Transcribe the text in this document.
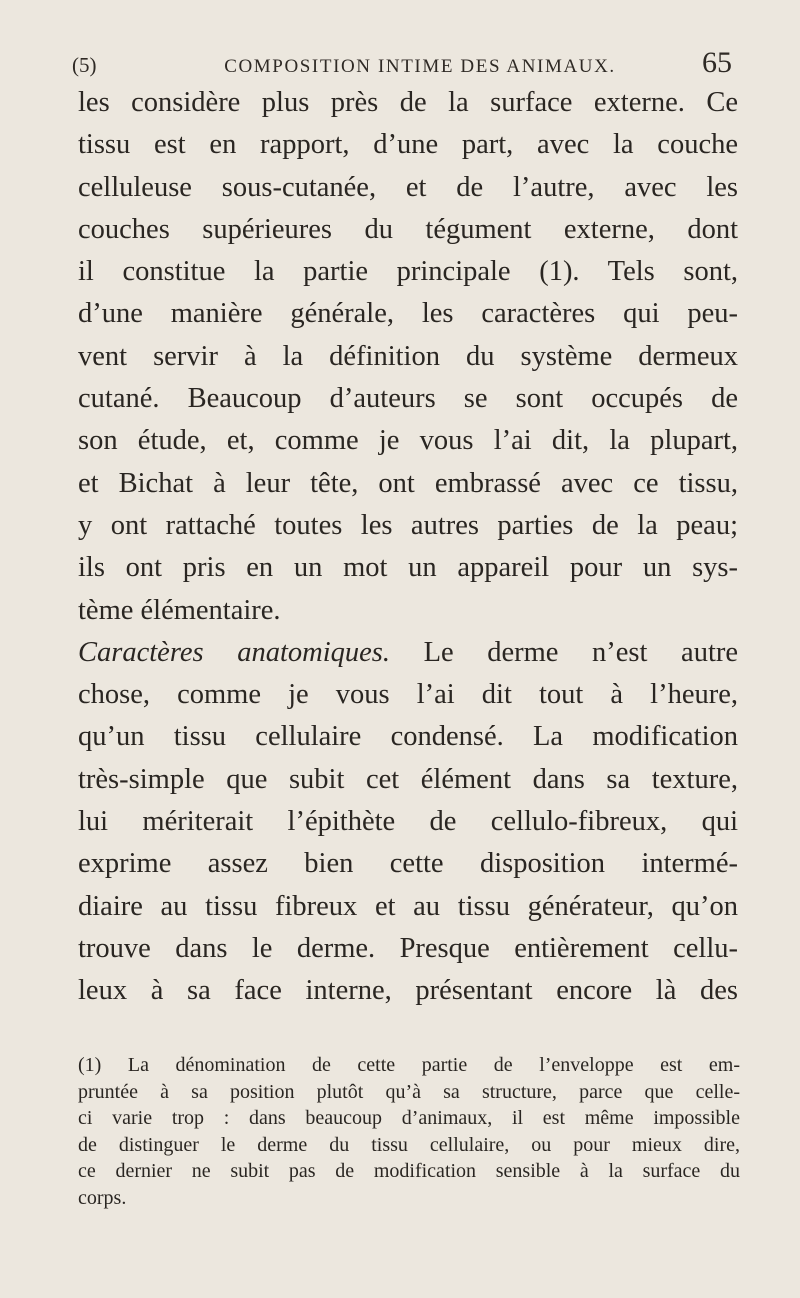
(5)	COMPOSITION INTIME DES ANIMAUX.	65
les considère plus près de la surface externe. Ce
tissu est en rapport, d’une part, avec la couche
celluleuse sous-cutanée, et de l’autre, avec les
couches supérieures du tégument externe, dont
il constitue la partie principale (1). Tels sont,
d’une manière générale, les caractères qui peu-
vent servir à la définition du système dermeux
cutané. Beaucoup d’auteurs se sont occupés de
son étude, et, comme je vous l’ai dit, la plupart,
et Bichat à leur tête, ont embrassé avec ce tissu,
y ont rattaché toutes les autres parties de la peau;
ils ont pris en un mot un appareil pour un sys-
tème élémentaire.
Caractères anatomiques. Le derme n’est autre
chose, comme je vous l’ai dit tout à l’heure,
qu’un tissu cellulaire condensé. La modification
très-simple que subit cet élément dans sa texture,
lui mériterait l’épithète de cellulo-fibreux, qui
exprime assez bien cette disposition intermé-
diaire au tissu fibreux et au tissu générateur, qu’on
trouve dans le derme. Presque entièrement cellu-
leux à sa face interne, présentant encore là des
(1) La dénomination de cette partie de l’enveloppe est em-
pruntée à sa position plutôt qu’à sa structure, parce que celle-
ci varie trop : dans beaucoup d’animaux, il est même impossible
de distinguer le derme du tissu cellulaire, ou pour mieux dire,
ce dernier ne subit pas de modification sensible à la surface du
corps.
